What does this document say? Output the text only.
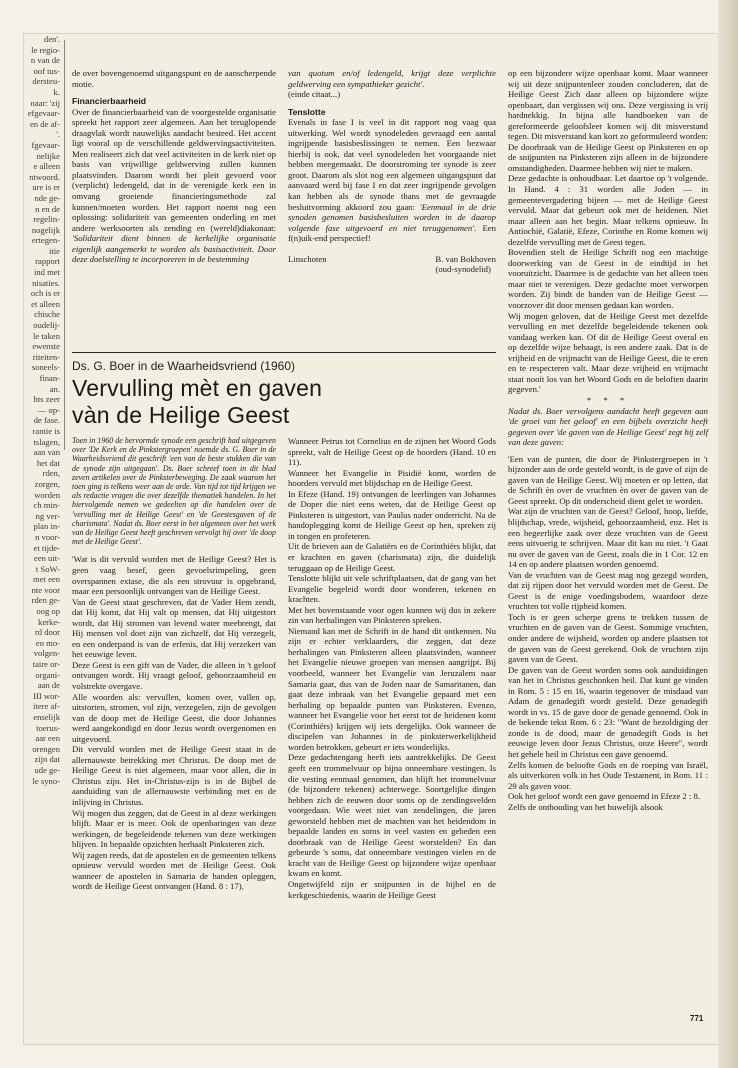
den'.
le regio-
n van de
oof tus-
dersteu-
k.
naar: 'zij
efgevaar-
en de af-
'.
fgevaar-
nelijke
e alleen
ntwoord.
ure is er
nde ge-
n en de
regelin-
nogelijk
ertegen-
itie
rapport
ind met
nisaties.
och is er
et alleen
chische
oudelij-
le taken
ewenste
riteiten-
soneels-
finan-
an.
hts zeer
— op-
de fase.
rantie is
tslagen,
aan van
het dat
rden,
zorgen,
worden
ch min-
ng ver-
plan in-
n voor-
et tijde-
een uit-
t SoW-
met een
nte voor
rden ge-
oog op
kerke-
rd door
en mo-
volgen-
taire or-
organi-
aan de
III wor-
itere af-
enselijk
toerus-
aar een
orengen
zijn dat
ude ge-
le syno-

de over bovengenoemd uitgangspunt en de aanscherpende motie.

Financierbaarheid

Over de financierbaarheid van de voorgestelde organisatie spreekt het rapport zeer algemeen. Aan het teruglopende draagvlak wordt nauwelijks aandacht besteed. Het accent ligt vooral op de verschillende geldwervingsactiviteiten. Men realiseert zich dat veel activiteiten in de kerk niet op basis van vrijwillige geldwerving zullen kunnen plaatsvinden. Daarom wordt het pleit gevoerd voor (verplicht) ledengeld, dat in de verenigde kerk een in omvang groeiende financieringsmethode zal kunnen/moeten worden. Het rapport noemt nog een oplossing: solidariteit van gemeenten onderling en met andere werksoorten als zending en (wereld)diakonaat: 'Solidariteit dient binnen de kerkelijke organisatie eigenlijk aangemerkt te worden als basisactiviteit. Door deze doelstelling te incorporeren in de bestemming

van quotum en/of ledengeld, krijgt deze verplichte geldwerving een sympathieker gezicht'.

(einde citaat...)

Tenslotte

Evenals in fase I is veel in dit rapport nog vaag qua uitwerking. Wel wordt synodeleden gevraagd een aantal ingrijpende basisbeslissingen te nemen. Een bezwaar hierbij is ook, dat veel synodeleden het voorgaande niet hebben meegemaakt. De doorstroming ter synode is zeer groot. Daarom als slot nog een algemeen uitgangspunt dat aanvaard werd bij fase I en dat zeer ingrijpende gevolgen kan hebben als de synode thans met de gevraagde besluitvorming akkoord zou gaan: 'Eenmaal in de drie synoden genomen basisbesluiten worden in de daarop volgende fase uitgevoerd en niet teruggenomen'. Een f(n)uik-end perspectief!

Linschoten	B. van Bokhoven
(oud-synodelid)
Ds. G. Boer in de Waarheidsvriend (1960)
Vervulling mèt en gaven
vàn de Heilige Geest

Toen in 1960 de hervormde synode een geschrift had uitgegeven over 'De Kerk en de Pinkstergroepen' noemde ds. G. Boer in de Waarheidsvriend dit geschrift 'een van de beste stukken die van de synode zijn uitgegaan'. Ds. Boer schreef toen in dit blad zeven artikelen over de Pinksterbeweging. De zaak waarom het toen ging is telkens weer aan de orde. Van tijd tot tijd krijgen we als redactie vragen die over dezelfde thematiek handelen. In het hiervolgende nemen we gedeelten op die handelen over de 'vervulling met de Heilige Geest' en 'de Geestesgaven of de charismata'. Nadat ds. Boer eerst in het algemeen over het werk van de Heilige Geest heeft geschreven vervolgt hij over 'de doop met de Heilige Geest'.

'Wat is dit vervuld worden met de Heilige Geest? Het is geen vaag besef, geen gevoelsrimpeling, geen overspannen extase, die als een strovuur is opgebrand, maar een persoonlijk ontvangen van de Heilige Geest.

Van de Geest staat geschreven, dat de Vader Hem zendt, dat Hij komt, dat Hij valt op mensen, dat Hij uitgestort wordt, dat Hij stromen van levend water meebrengt, dat Hij mensen vol doet zijn van zichzelf, dat Hij verzegelt, en een onderpand is van de erfenis, dat Hij verzekert van het eeuwige leven.

Deze Geest is een gift van de Vader, die alleen in 't geloof ontvangen wordt. Hij vraagt geloof, gehoorzaamheid en volstrekte overgave.

Alle woorden als: vervullen, komen over, vallen op, uitstorten, stromen, vol zijn, verzegelen, zijn de gevolgen van de doop met de Heilige Geest, die door Johannes werd aangekondigd en door Jezus wordt overgenomen en uitgevoerd.

Dit vervuld worden met de Heilige Geest staat in de allernauwste betrekking met Christus. De doop met de Heilige Geest is niet algemeen, maar voor allen, die in Christus zijn. Het in-Christus-zijn is in de Bijbel de aanduiding van de allernauwste verbinding met en de inlijving in Christus.

Wij mogen dus zeggen, dat de Geest in al deze werkingen blijft. Maar er is meer. Ook de openbaringen van deze werkingen, de begeleidende tekenen van deze werkingen blijven. In bepaalde opzichten herhaalt Pinksteren zich.

Wij zagen reeds, dat de apostelen en de gemeenten telkens opnieuw vervuld worden met de Heilige Geest. Ook wanneer de apostelen in Samaria de handen opleggen, wordt de Heilige Geest ontvangen (Hand. 8 : 17).

Wanneer Petrus tot Cornelius en de zijnen het Woord Gods spreekt, valt de Heilige Geest op de hoorders (Hand. 10 en 11).

Wanneer het Evangelie in Pisidië komt, worden de hoorders vervuld met blijdschap en de Heilige Geest.

In Efeze (Hand. 19) ontvangen de leerlingen van Johannes de Doper die niet eens weten, dat de Heilige Geest op Pinksteren is uitgestort, van Paulus nader onderricht. Na de handoplegging komt de Heilige Geest op hen, spreken zij in tongen en profeteren.

Uit de brieven aan de Galatiërs en de Corinthiërs blijkt, dat er krachten en gaven (charismata) zijn, die duidelijk teruggaan op de Heilige Geest.

Tenslotte blijkt uit vele schriftplaatsen, dat de gang van het Evangelie begeleid wordt door wonderen, tekenen en krachten.

Met het bovenstaande voor ogen kunnen wij dus in zekere zin van herhalingen van Pinksteren spreken.

Niemand kan met de Schrift in de hand dit ontkennen. Nu zijn er echter verklaarders, die zeggen, dat deze herhalingen van Pinksteren alleen plaatsvinden, wanneer het Evangelie nieuwe groepen van mensen aangrijpt. Bij voorbeeld, wanneer het Evangelie van Jeruzalem naar Samaria gaat, dus van de Joden naar de Samaritanen, dan gaat deze inbraak van het Evangelie gepaard met een herhaling op bepaalde punten van Pinksteren. Evenzo, wanneer het Evangelie voor het eerst tot de heidenen komt (Corinthiërs) krijgen wij iets dergelijks. Ook wanneer de discipelen van Johannes in de pinksterwerkelijkheid worden betrokken, gebeurt er iets wonderlijks.

Deze gedachtengang heeft iets aantrekkelijks. De Geest geeft een trommelvuur op bijna onneembare vestingen. Is die vesting eenmaal genomen, dan blijft het trommelvuur (de bijzondere tekenen) achterwege. Soortgelijke dingen hebben zich de eeuwen door soms op de zendingsvelden voorgedaan. Wie weet niet van zendelingen, die jaren geworsteld hebben met de machten van het heidendom in bepaalde landen en soms in veel vasten en gebeden een doorbraak van de Heilige Geest worstelden? En dan gebeurde 's soms, dat onneembare vestingen vielen en de kracht van de Heilige Geest op bijzondere wijze openbaar kwam en komt.

Ongetwijfeld zijn er snijpunten in de bijbel en de kerkgeschiedenis, waarin de Heilige Geest

op een bijzondere wijze openbaar komt. Maar wanneer wij uit deze snijpuntenleer zouden concluderen, dat de Heilige Geest Zich daar alleen op bijzondere wijze openbaart, dan vergissen wij ons. Deze vergissing is vrij hardnekkig. In bijna alle handboeken van de gereformeerde geloofsleer komen wij dit misverstand tegen. Dit misverstand kan kort zo geformuleerd worden: De doorbraak van de Heilige Geest op Pinksteren en op de snijpunten na Pinksteren zijn alleen in de bijzondere omstandigheden. Daarmee hebben wij niet te maken.

Deze gedachte is onhoudbaar. Let daartoe op 't volgende. In Hand. 4 : 31 worden alle Joden — in gemeentevergadering bijeen — met de Heilige Geest vervuld. Maar dat gebeurt ook met de heidenen. Niet maar alleen aan het begin. Maar telkens opnieuw. In Antiochië, Galatië, Efeze, Corinthe en Rome komen wij dezelfde vervulling met de Geest tegen.

Bovendien stelt de Heilige Schrift nog een machtige doorwerking van de Geest in de eindtijd in het vooruitzicht. Daarmee is de gedachte van het alleen toen maar niet te verenigen. Deze gedachte moet verworpen worden. Zij bindt de handen van de Heilige Geest — voorzover dit door mensen gedaan kan worden.

Wij mogen geloven, dat de Heilige Geest met dezelfde vervulling en met dezelfde begeleidende tekenen ook vandaag werken kan. Of dit de Heilige Geest overal en op dezelfde wijze behaagt, is een andere zaak. Dat is de vrijheid en de vrijmacht van de Heilige Geest, die te eren en te respecteren valt. Maar deze vrijheid en vrijmacht staat nooit los van het Woord Gods en de beloften daarin gegeven.'

* * *

Nadat ds. Boer vervolgens aandacht heeft gegeven aan 'de groei van het geloof' en een bijbels overzicht heeft gegeven over 'de gaven van de Heilige Geest' zegt hij zelf van deze gaven:

'Een van de punten, die door de Pinkstergroepen in 't bijzonder aan de orde gesteld wordt, is de gave of zijn de gaven van de Heilige Geest. Wij moeten er op letten, dat de Schrift èn over de vruchten èn over de gaven van de Geest spreekt. Op dit onderscheid dient gelet te worden.

Wat zijn de vruchten van de Geest? Geloof, hoop, liefde, blijdschap, vrede, wijsheid, gehoorzaamheid, enz. Het is een begeerlijke zaak over deze vruchten van de Geest eens uitvoerig te schrijven. Maar dit kan nu niet. 't Gaat nu over de gaven van de Geest, zoals die in 1 Cor. 12 en 14 en op andere plaatsen worden genoemd.

Van de vruchten van de Geest mag nog gezegd worden, dat zij rijpen door het vervuld worden met de Geest. De Geest is de enige voedingsbodem, waardoor deze vruchten tot volle rijpheid komen.

Toch is er geen scherpe grens te trekken tussen de vruchten en de gaven van de Geest. Sommige vruchten, onder andere de wijsheid, worden op andere plaatsen tot de gaven van de Geest gerekend. Ook de vruchten zijn gaven van de Geest.

De gaven van de Geest worden soms ook aanduidingen van het in Christus geschonken heil. Dat kunt ge vinden in Rom. 5 : 15 en 16, waarin tegenover de misdaad van Adam de genadegift wordt gesteld. Deze genadegift wordt in vs. 15 de gave door de genade genoemd. Ook in de bekende tekst Rom. 6 : 23: "Want de bezoldiging der zonde is de dood, maar de genadegift Gods is het eeuwige leven door Jezus Christus, onze Heere", wordt het gehele heil in Christus een gave genoemd.

Zelfs komen de beloofte Gods en de roeping van Israël, als uitverkoren volk in het Oude Testament, in Rom. 11 : 29 als gaven voor.

Ook het geloof wordt een gave genoemd in Efeze 2 : 8.

Zelfs de onthouding van het huwelijk alsook

771
